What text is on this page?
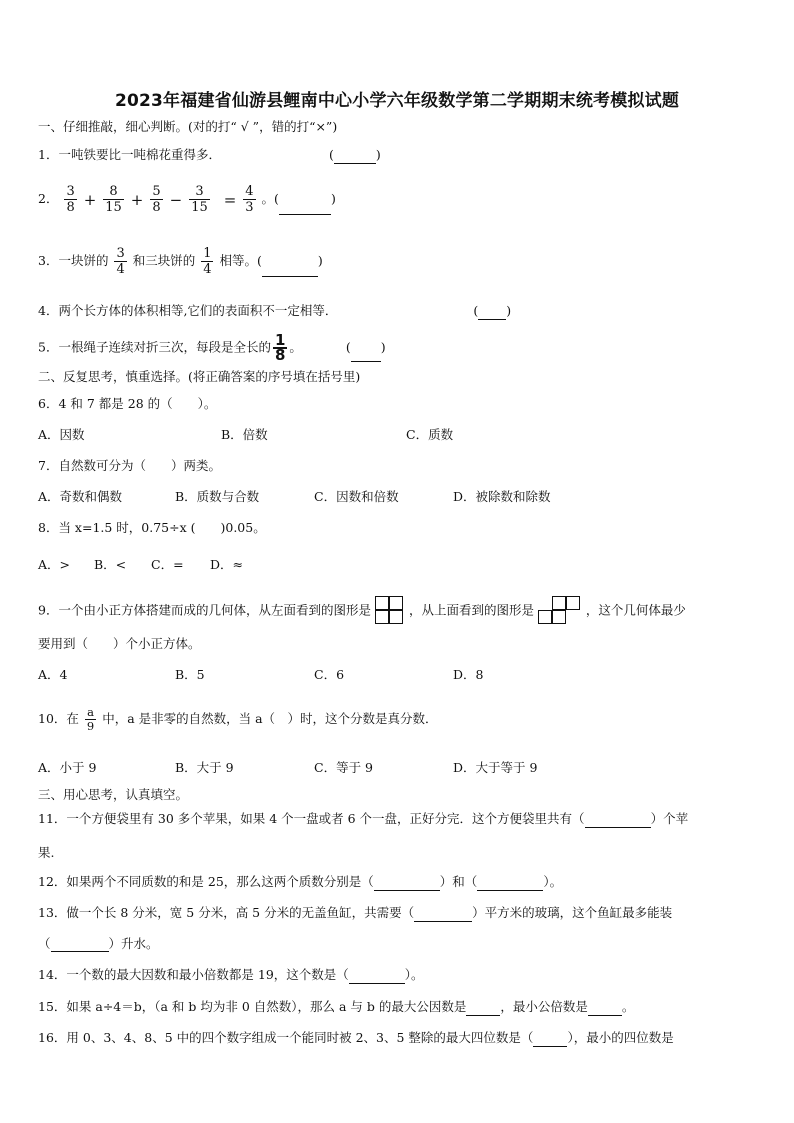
2023年福建省仙游县鲤南中心小学六年级数学第二学期期末统考模拟试题
一、仔细推敲，细心判断。(对的打“ √ ”，错的打“×”)
1．一吨铁要比一吨棉花重得多．	(	)
2． $\frac{3}{8} + \frac{8}{15} + \frac{5}{8} - \frac{3}{15} = \frac{4}{3}$ 。(	)
3．一块饼的 $\frac{3}{4}$ 和三块饼的 $\frac{1}{4}$ 相等。(	)
4．两个长方体的体积相等,它们的表面积不一定相等．	( )
5．一根绳子连续对折三次，每段是全长的 $\frac{1}{8}$ 。	( )
二、反复思考，慎重选择。(将正确答案的序号填在括号里)
6．4 和 7 都是 28 的（　　）。
A．因数	B．倍数	C．质数
7．自然数可分为（　　）两类。
A．奇数和偶数	B．质数与合数	C．因数和倍数	D．被除数和除数
8．当 x=1.5 时，0.75÷x (　　)0.05。
A．> B．< C．= D．≈
9．一个由小正方体搭建而成的几何体，从左面看到的图形是	，从上面看到的图形是	，这个几何体最少
要用到（　　）个小正方体。
A．4	B．5	C．6	D．8
10．在 $\frac{a}{9}$ 中，a 是非零的自然数，当 a（　）时，这个分数是真分数．
A．小于 9	B．大于 9	C．等于 9	D．大于等于 9
三、用心思考，认真填空。
11．一个方便袋里有 30 多个苹果，如果 4 个一盘或者 6 个一盘，正好分完．这个方便袋里共有（	）个苹
果.
12．如果两个不同质数的和是 25，那么这两个质数分别是（	）和（	）。
13．做一个长 8 分米，宽 5 分米，高 5 分米的无盖鱼缸，共需要（	）平方米的玻璃，这个鱼缸最多能装
（	）升水。
14．一个数的最大因数和最小倍数都是 19，这个数是（	）。
15．如果 a÷4＝b，（a 和 b 均为非 0 自然数），那么 a 与 b 的最大公因数是	，最小公倍数是	。
16．用 0、3、4、8、5 中的四个数字组成一个能同时被 2、3、5 整除的最大四位数是（	），最小的四位数是
